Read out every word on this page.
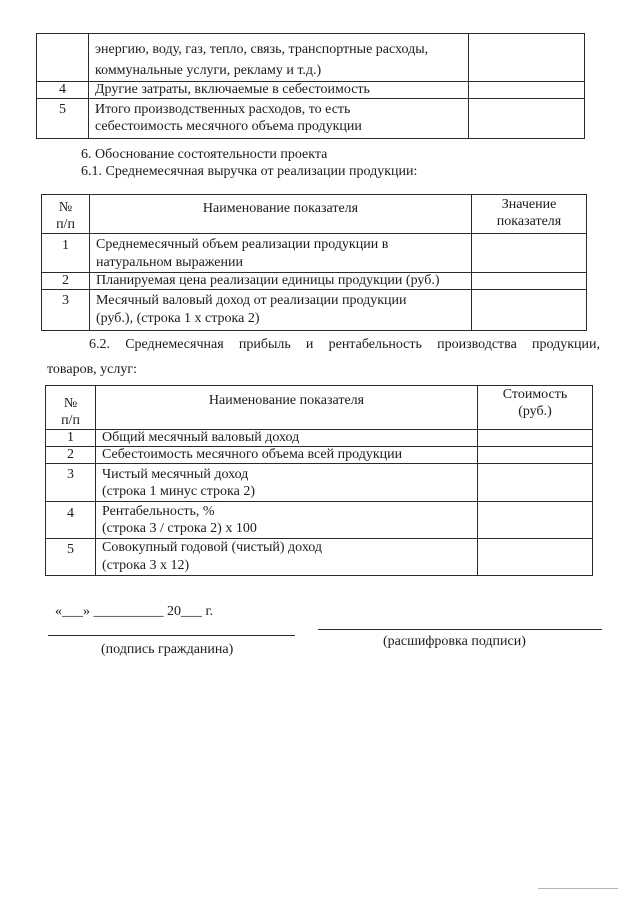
	энергию, воду, газ, тепло, связь, транспортные расходы,
коммунальные услуги, рекламу и т.д.)	

4	Другие затраты, включаемые в себестоимость	

5	Итого производственных расходов, то есть
себестоимость месячного объема продукции	

6. Обоснование состоятельности проекта
6.1. Среднемесячная выручка от реализации продукции:
№
п/п	Наименование показателя	Значение
показателя

1	Среднемесячный объем реализации продукции в
натуральном выражении	

2	Планируемая цена реализации единицы продукции (руб.)	

3	Месячный валовый доход от реализации продукции
(руб.), (строка 1 х строка 2)	

6.2. Среднемесячная прибыль и рентабельность производства продукции,
товаров, услуг:
№
п/п	Наименование показателя	Стоимость
(руб.)

1	Общий месячный валовый доход	

2	Себестоимость месячного объема всей продукции	

3	Чистый месячный доход
(строка 1 минус строка 2)	

4	Рентабельность, %
(строка 3 / строка 2) х 100	

5	Совокупный годовой (чистый) доход
(строка 3 х 12)	

«___» __________ 20___ г.
(подпись гражданина)
(расшифровка подписи)
